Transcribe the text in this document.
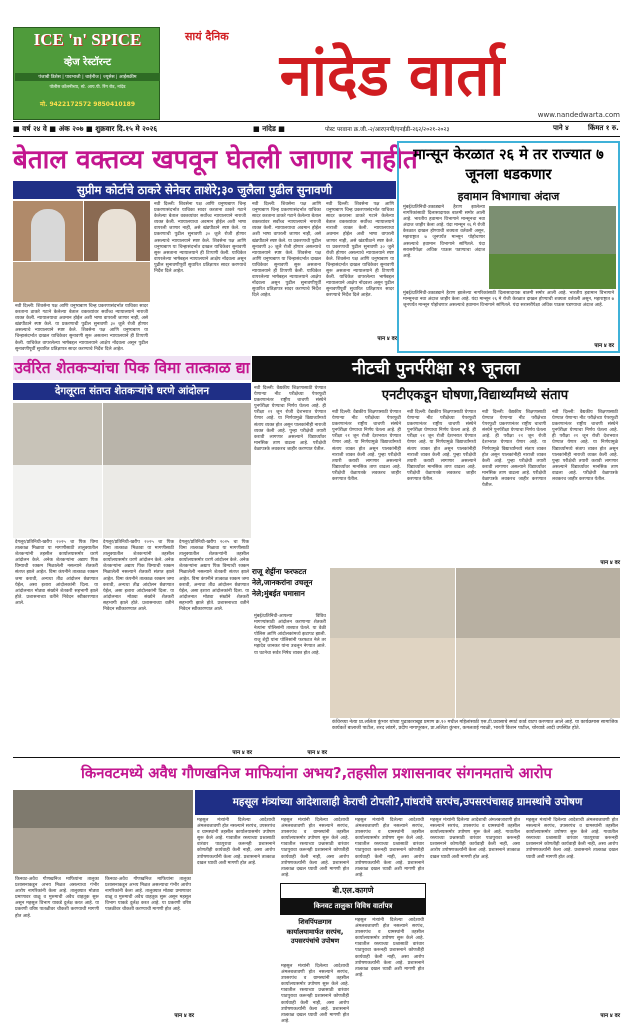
ICE 'n' SPICE
व्हेज रेस्टॉरन्ट
पंजाबी डिशेस | पावभाजी | चाईनीज | ज्यूसेस | आईसक्रीम
पोलीस कॉलनीच्या, स्टे. आय.पी. रिंग रोड, नांदेड
मो. 9422172572 9850410189
सायं दैनिक
नांदेड वार्ता
www.nandedwarta.com
■ वर्ष २४ वे ■ अंक २०७ ■ शुक्रवार दि.१५ मे २०२६	■ नांदेड ■	पोस्ट परवाना क्र.जी.-२/आरएनपी/एनईडी-२६२/२०२१-२०२३	पाने ४	किंमत १ रु.
बेताल वक्तव्य खपवून घेतली जाणार नाहीत
सुप्रीम कोर्टाचे ठाकरे सेनेवर ताशेरे;३० जुलैला पुढील सुनावणी
नवी दिल्ली: शिवसेना पक्ष आणि धनुष्यबाण चिन्ह प्रकरणासंदर्भात याचिका सादर करताना ठाकरे गटाने केलेल्या बेताल वक्तव्यांवर सर्वोच्च न्यायालयाने नाराजी व्यक्त केली. न्यायालयाचा अवमान होईल अशी भाषा वापरली जाणार नाही, असे खंडपीठाने स्पष्ट केले. या प्रकरणाची पुढील सुनावणी ३० जुलै रोजी होणार असल्याचे न्यायालयाने स्पष्ट केले. शिवसेना पक्ष आणि धनुष्यबाण या चिन्हासंदर्भात दाखल याचिकेवर सुनावणी सुरू असताना न्यायालयाने ही टिप्पणी केली. याचिकेत वापरलेल्या भाषेबद्दल न्यायालयाने आक्षेप नोंदवला असून पुढील सुनावणीपूर्वी सुधारित प्रतिज्ञापत्र सादर करण्याचे निर्देश दिले आहेत.
नवी दिल्ली: शिवसेना पक्ष आणि धनुष्यबाण चिन्ह प्रकरणासंदर्भात याचिका सादर करताना ठाकरे गटाने केलेल्या बेताल वक्तव्यांवर सर्वोच्च न्यायालयाने नाराजी व्यक्त केली. न्यायालयाचा अवमान होईल अशी भाषा वापरली जाणार नाही, असे खंडपीठाने स्पष्ट केले. या प्रकरणाची पुढील सुनावणी ३० जुलै रोजी होणार असल्याचे न्यायालयाने स्पष्ट केले. शिवसेना पक्ष आणि धनुष्यबाण या चिन्हासंदर्भात दाखल याचिकेवर सुनावणी सुरू असताना न्यायालयाने ही टिप्पणी केली. याचिकेत वापरलेल्या भाषेबद्दल न्यायालयाने आक्षेप नोंदवला असून पुढील सुनावणीपूर्वी सुधारित प्रतिज्ञापत्र सादर करण्याचे निर्देश दिले आहेत.
नवी दिल्ली: शिवसेना पक्ष आणि धनुष्यबाण चिन्ह प्रकरणासंदर्भात याचिका सादर करताना ठाकरे गटाने केलेल्या बेताल वक्तव्यांवर सर्वोच्च न्यायालयाने नाराजी व्यक्त केली. न्यायालयाचा अवमान होईल अशी भाषा वापरली जाणार नाही, असे खंडपीठाने स्पष्ट केले. या प्रकरणाची पुढील सुनावणी ३० जुलै रोजी होणार असल्याचे न्यायालयाने स्पष्ट केले. शिवसेना पक्ष आणि धनुष्यबाण या चिन्हासंदर्भात दाखल याचिकेवर सुनावणी सुरू असताना न्यायालयाने ही टिप्पणी केली. याचिकेत वापरलेल्या भाषेबद्दल न्यायालयाने आक्षेप नोंदवला असून पुढील सुनावणीपूर्वी सुधारित प्रतिज्ञापत्र सादर करण्याचे निर्देश दिले आहेत.
नवी दिल्ली: शिवसेना पक्ष आणि धनुष्यबाण चिन्ह प्रकरणासंदर्भात याचिका सादर करताना ठाकरे गटाने केलेल्या बेताल वक्तव्यांवर सर्वोच्च न्यायालयाने नाराजी व्यक्त केली. न्यायालयाचा अवमान होईल अशी भाषा वापरली जाणार नाही, असे खंडपीठाने स्पष्ट केले. या प्रकरणाची पुढील सुनावणी ३० जुलै रोजी होणार असल्याचे न्यायालयाने स्पष्ट केले. शिवसेना पक्ष आणि धनुष्यबाण या चिन्हासंदर्भात दाखल याचिकेवर सुनावणी सुरू असताना न्यायालयाने ही टिप्पणी केली. याचिकेत वापरलेल्या भाषेबद्दल न्यायालयाने आक्षेप नोंदवला असून पुढील सुनावणीपूर्वी सुधारित प्रतिज्ञापत्र सादर करण्याचे निर्देश दिले आहेत.
पान ४ वर
मान्सून केरळात २६ मे तर राज्यात ७ जूनला धडकणार
हवामान विभागाचा अंदाज
मुंबई/प्रतिनिधी-उकाड्याने हैराण झालेल्या नागरिकांसाठी दिलासादायक बातमी समोर आली आहे. भारतीय हवामान विभागाने मान्सूनचा नवा अंदाज जाहीर केला आहे. यंदा मान्सून २६ मे रोजी केरळात दाखल होण्याची शक्यता वर्तवली असून, महाराष्ट्रात ७ जूनपर्यंत मान्सून पोहोचणार असल्याचे हवामान विभागाने सांगितले. यंदा सरासरीपेक्षा अधिक पाऊस पडण्याचा अंदाज आहे.
मुंबई/प्रतिनिधी-उकाड्याने हैराण झालेल्या नागरिकांसाठी दिलासादायक बातमी समोर आली आहे. भारतीय हवामान विभागाने मान्सूनचा नवा अंदाज जाहीर केला आहे. यंदा मान्सून २६ मे रोजी केरळात दाखल होण्याची शक्यता वर्तवली असून, महाराष्ट्रात ७ जूनपर्यंत मान्सून पोहोचणार असल्याचे हवामान विभागाने सांगितले. यंदा सरासरीपेक्षा अधिक पाऊस पडण्याचा अंदाज आहे.
पान ४ वर
उर्वरित शेतकऱ्यांचा पिक विमा तात्काळ द्या
देगलूरात संतप्त शेतकऱ्यांचे धरणे आंदोलन
देगलूर/प्रतिनिधी-खरीप २०२५ चा पिक विमा तात्काळ मिळावा या मागणीसाठी तालुक्यातील शेतकऱ्यांनी तहसील कार्यालयासमोर धरणे आंदोलन केले. अनेक शेतकऱ्यांना अद्याप पिक विम्याची रक्कम मिळालेली नसल्याने शेतकरी संतप्त झाले आहेत. विमा कंपनीने तात्काळ रक्कम जमा करावी, अन्यथा तीव्र आंदोलन छेडण्यात येईल, असा इशारा आंदोलकांनी दिला. या आंदोलनात मोठ्या संख्येने शेतकरी सहभागी झाले होते. प्रशासनाच्या वतीने निवेदन स्वीकारण्यात आले.
देगलूर/प्रतिनिधी-खरीप २०२५ चा पिक विमा तात्काळ मिळावा या मागणीसाठी तालुक्यातील शेतकऱ्यांनी तहसील कार्यालयासमोर धरणे आंदोलन केले. अनेक शेतकऱ्यांना अद्याप पिक विम्याची रक्कम मिळालेली नसल्याने शेतकरी संतप्त झाले आहेत. विमा कंपनीने तात्काळ रक्कम जमा करावी, अन्यथा तीव्र आंदोलन छेडण्यात येईल, असा इशारा आंदोलकांनी दिला. या आंदोलनात मोठ्या संख्येने शेतकरी सहभागी झाले होते. प्रशासनाच्या वतीने निवेदन स्वीकारण्यात आले.
देगलूर/प्रतिनिधी-खरीप २०२५ चा पिक विमा तात्काळ मिळावा या मागणीसाठी तालुक्यातील शेतकऱ्यांनी तहसील कार्यालयासमोर धरणे आंदोलन केले. अनेक शेतकऱ्यांना अद्याप पिक विम्याची रक्कम मिळालेली नसल्याने शेतकरी संतप्त झाले आहेत. विमा कंपनीने तात्काळ रक्कम जमा करावी, अन्यथा तीव्र आंदोलन छेडण्यात येईल, असा इशारा आंदोलकांनी दिला. या आंदोलनात मोठ्या संख्येने शेतकरी सहभागी झाले होते. प्रशासनाच्या वतीने निवेदन स्वीकारण्यात आले.
पान ४ वर
नीटची पुनर्परीक्षा २१ जूनला
एनटीएकडून घोषणा,विद्यार्थ्यांमध्ये संताप
नवी दिल्ली: वैद्यकीय शिक्षणासाठी घेण्यात येणाऱ्या नीट परीक्षेच्या पेपरफुटी प्रकरणानंतर राष्ट्रीय चाचणी संस्थेने पुनर्परीक्षा घेण्याचा निर्णय घेतला आहे. ही परीक्षा २१ जून रोजी देशभरात घेण्यात येणार आहे. या निर्णयामुळे विद्यार्थ्यांमध्ये संताप व्यक्त होत असून पालकांनीही नाराजी व्यक्त केली आहे. पुन्हा परीक्षेची तयारी करावी लागणार असल्याने विद्यार्थ्यांवर मानसिक ताण वाढला आहे. परीक्षेची वेळापत्रके लवकरच जाहीर करण्यात येतील.
नवी दिल्ली: वैद्यकीय शिक्षणासाठी घेण्यात येणाऱ्या नीट परीक्षेच्या पेपरफुटी प्रकरणानंतर राष्ट्रीय चाचणी संस्थेने पुनर्परीक्षा घेण्याचा निर्णय घेतला आहे. ही परीक्षा २१ जून रोजी देशभरात घेण्यात येणार आहे. या निर्णयामुळे विद्यार्थ्यांमध्ये संताप व्यक्त होत असून पालकांनीही नाराजी व्यक्त केली आहे. पुन्हा परीक्षेची तयारी करावी लागणार असल्याने विद्यार्थ्यांवर मानसिक ताण वाढला आहे. परीक्षेची वेळापत्रके लवकरच जाहीर करण्यात येतील.
नवी दिल्ली: वैद्यकीय शिक्षणासाठी घेण्यात येणाऱ्या नीट परीक्षेच्या पेपरफुटी प्रकरणानंतर राष्ट्रीय चाचणी संस्थेने पुनर्परीक्षा घेण्याचा निर्णय घेतला आहे. ही परीक्षा २१ जून रोजी देशभरात घेण्यात येणार आहे. या निर्णयामुळे विद्यार्थ्यांमध्ये संताप व्यक्त होत असून पालकांनीही नाराजी व्यक्त केली आहे. पुन्हा परीक्षेची तयारी करावी लागणार असल्याने विद्यार्थ्यांवर मानसिक ताण वाढला आहे. परीक्षेची वेळापत्रके लवकरच जाहीर करण्यात येतील.
नवी दिल्ली: वैद्यकीय शिक्षणासाठी घेण्यात येणाऱ्या नीट परीक्षेच्या पेपरफुटी प्रकरणानंतर राष्ट्रीय चाचणी संस्थेने पुनर्परीक्षा घेण्याचा निर्णय घेतला आहे. ही परीक्षा २१ जून रोजी देशभरात घेण्यात येणार आहे. या निर्णयामुळे विद्यार्थ्यांमध्ये संताप व्यक्त होत असून पालकांनीही नाराजी व्यक्त केली आहे. पुन्हा परीक्षेची तयारी करावी लागणार असल्याने विद्यार्थ्यांवर मानसिक ताण वाढला आहे. परीक्षेची वेळापत्रके लवकरच जाहीर करण्यात येतील.
नवी दिल्ली: वैद्यकीय शिक्षणासाठी घेण्यात येणाऱ्या नीट परीक्षेच्या पेपरफुटी प्रकरणानंतर राष्ट्रीय चाचणी संस्थेने पुनर्परीक्षा घेण्याचा निर्णय घेतला आहे. ही परीक्षा २१ जून रोजी देशभरात घेण्यात येणार आहे. या निर्णयामुळे विद्यार्थ्यांमध्ये संताप व्यक्त होत असून पालकांनीही नाराजी व्यक्त केली आहे. पुन्हा परीक्षेची तयारी करावी लागणार असल्याने विद्यार्थ्यांवर मानसिक ताण वाढला आहे. परीक्षेची वेळापत्रके लवकरच जाहीर करण्यात येतील.
पान ४ वर
राजू शेट्टींना फरफटत नेले,जानकरांना उचलून नेले;मुंबईत घमासान
मुंबई/प्रतिनिधी-आपल्या विविध मागण्यांसाठी आंदोलन करणाऱ्या शेतकरी नेत्यांना पोलिसांनी ताब्यात घेतले. या वेळी पोलिस आणि आंदोलकांमध्ये झटापट झाली. राजू शेट्टी यांना पोलिसांनी फरफटत नेले तर महादेव जानकर यांना उचलून नेण्यात आले. या घटनेचा सर्वत्र निषेध व्यक्त होत आहे.
पान ४ वर
कंधिरच्या नेत्या प्रा.ललिता कुंभार यांच्या पुढाकाराखूड प्रमाण क्र.१० मधील महिलांसाठी एस.टी.प्रवासाचे स्मार्ट कार्ड वाटप करण्यात आले आहे. या कार्यक्रमास सामाजिक कार्यकर्ते बालाजी पाटील, शरद लांडगे, प्रदीप नागापूरकर, प्रा.ललिता कुंभार, कमलताई गवळी, भारती किशन पाटील, चोरवाडे आदी उपस्थित होते.
किनवटमध्ये अवैध गौणखनिज माफियांना अभय?,तहसील प्रशासनावर संगनमताचे आरोप
किनवट-अवैध गौणखनिज माफियांना तालुका प्रशासनाकडून अभय मिळत असल्याचा गंभीर आरोप नागरिकांनी केला आहे. तालुक्यात मोठ्या प्रमाणावर वाळू व मुरुमाची अवैध वाहतूक सुरू असून महसूल विभाग याकडे दुर्लक्ष करत आहे. या प्रकरणी वरिष्ठ पातळीवर चौकशी करण्याची मागणी होत आहे.
किनवट-अवैध गौणखनिज माफियांना तालुका प्रशासनाकडून अभय मिळत असल्याचा गंभीर आरोप नागरिकांनी केला आहे. तालुक्यात मोठ्या प्रमाणावर वाळू व मुरुमाची अवैध वाहतूक सुरू असून महसूल विभाग याकडे दुर्लक्ष करत आहे. या प्रकरणी वरिष्ठ पातळीवर चौकशी करण्याची मागणी होत आहे.
पान ४ वर
महसूल मंत्र्यांच्या आदेशालाही केराची टोपली?,पांधरांचे सरपंच,उपसरपंचासह ग्रामस्थांचे उपोषण
महसूल मंत्र्यांनी दिलेल्या आदेशाची अंमलबजावणी होत नसल्याने सरपंच, उपसरपंच व ग्रामस्थांनी तहसील कार्यालयासमोर उपोषण सुरू केले आहे. गावातील रस्त्याच्या प्रश्नासाठी वारंवार पाठपुरावा करूनही प्रशासनाने कोणतीही कार्यवाही केली नाही, असा आरोप उपोषणकर्त्यांनी केला आहे. प्रशासनाने तात्काळ दखल घ्यावी अशी मागणी होत आहे.
महसूल मंत्र्यांनी दिलेल्या आदेशाची अंमलबजावणी होत नसल्याने सरपंच, उपसरपंच व ग्रामस्थांनी तहसील कार्यालयासमोर उपोषण सुरू केले आहे. गावातील रस्त्याच्या प्रश्नासाठी वारंवार पाठपुरावा करूनही प्रशासनाने कोणतीही कार्यवाही केली नाही, असा आरोप उपोषणकर्त्यांनी केला आहे. प्रशासनाने तात्काळ दखल घ्यावी अशी मागणी होत आहे.
महसूल मंत्र्यांनी दिलेल्या आदेशाची अंमलबजावणी होत नसल्याने सरपंच, उपसरपंच व ग्रामस्थांनी तहसील कार्यालयासमोर उपोषण सुरू केले आहे. गावातील रस्त्याच्या प्रश्नासाठी वारंवार पाठपुरावा करूनही प्रशासनाने कोणतीही कार्यवाही केली नाही, असा आरोप उपोषणकर्त्यांनी केला आहे. प्रशासनाने तात्काळ दखल घ्यावी अशी मागणी होत आहे.
बी.एल.कागणे
किनवट तालुका विविध वार्तापत्र
शिवपिंपळगाव कार्यालयामार्फत सरपंच, उपसरपंचांचे उपोषण
महसूल मंत्र्यांनी दिलेल्या आदेशाची अंमलबजावणी होत नसल्याने सरपंच, उपसरपंच व ग्रामस्थांनी तहसील कार्यालयासमोर उपोषण सुरू केले आहे. गावातील रस्त्याच्या प्रश्नासाठी वारंवार पाठपुरावा करूनही प्रशासनाने कोणतीही कार्यवाही केली नाही, असा आरोप उपोषणकर्त्यांनी केला आहे. प्रशासनाने तात्काळ दखल घ्यावी अशी मागणी होत आहे.
महसूल मंत्र्यांनी दिलेल्या आदेशाची अंमलबजावणी होत नसल्याने सरपंच, उपसरपंच व ग्रामस्थांनी तहसील कार्यालयासमोर उपोषण सुरू केले आहे. गावातील रस्त्याच्या प्रश्नासाठी वारंवार पाठपुरावा करूनही प्रशासनाने कोणतीही कार्यवाही केली नाही, असा आरोप उपोषणकर्त्यांनी केला आहे. प्रशासनाने तात्काळ दखल घ्यावी अशी मागणी होत आहे.
महसूल मंत्र्यांनी दिलेल्या आदेशाची अंमलबजावणी होत नसल्याने सरपंच, उपसरपंच व ग्रामस्थांनी तहसील कार्यालयासमोर उपोषण सुरू केले आहे. गावातील रस्त्याच्या प्रश्नासाठी वारंवार पाठपुरावा करूनही प्रशासनाने कोणतीही कार्यवाही केली नाही, असा आरोप उपोषणकर्त्यांनी केला आहे. प्रशासनाने तात्काळ दखल घ्यावी अशी मागणी होत आहे.
महसूल मंत्र्यांनी दिलेल्या आदेशाची अंमलबजावणी होत नसल्याने सरपंच, उपसरपंच व ग्रामस्थांनी तहसील कार्यालयासमोर उपोषण सुरू केले आहे. गावातील रस्त्याच्या प्रश्नासाठी वारंवार पाठपुरावा करूनही प्रशासनाने कोणतीही कार्यवाही केली नाही, असा आरोप उपोषणकर्त्यांनी केला आहे. प्रशासनाने तात्काळ दखल घ्यावी अशी मागणी होत आहे.
पान ४ वर
